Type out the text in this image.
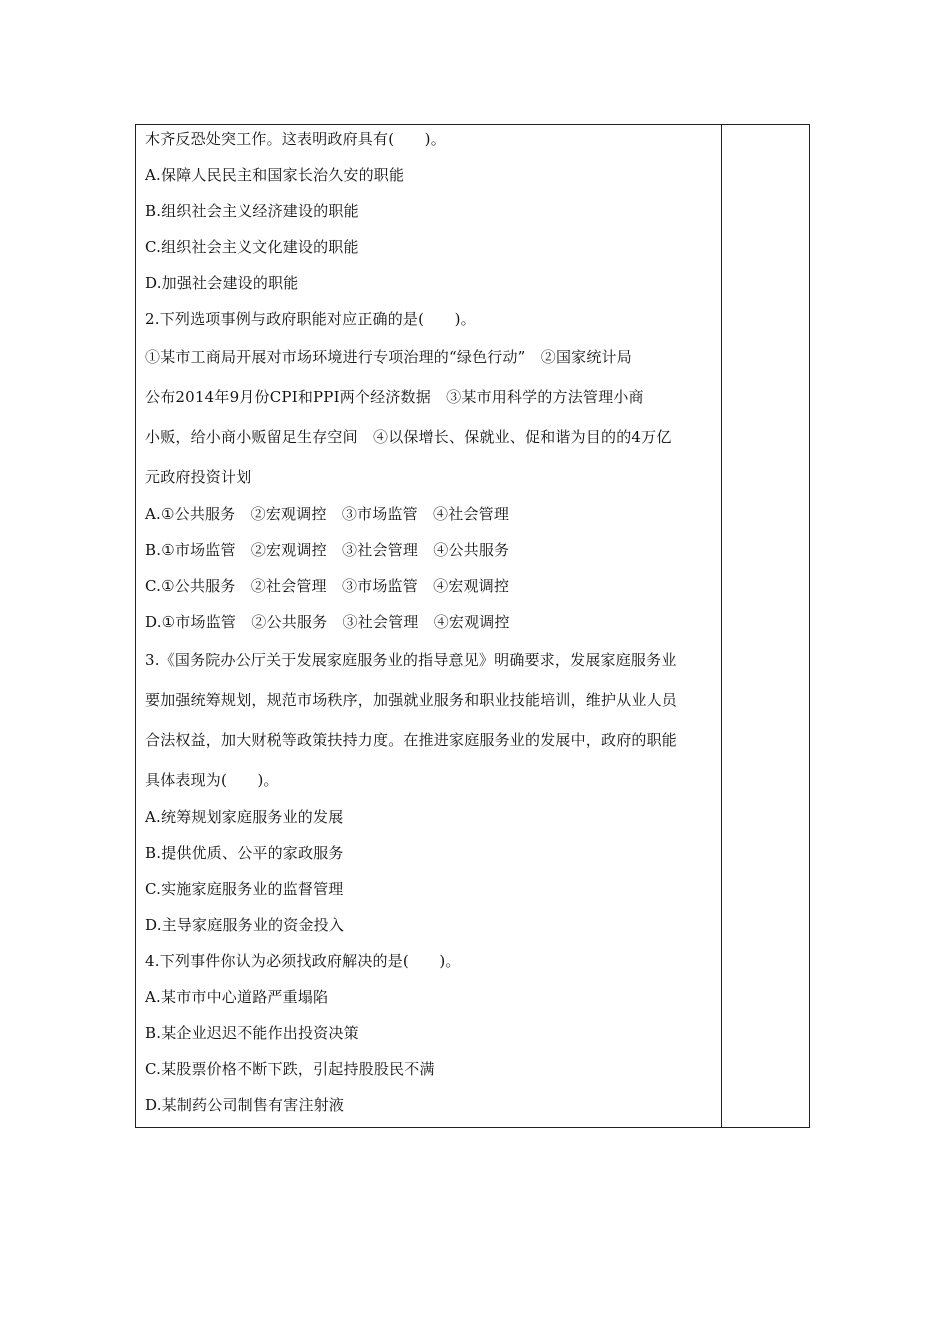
木齐反恐处突工作。这表明政府具有(　　)。
A.保障人民民主和国家长治久安的职能
B.组织社会主义经济建设的职能
C.组织社会主义文化建设的职能
D.加强社会建设的职能
2.下列选项事例与政府职能对应正确的是(　　)。
①某市工商局开展对市场环境进行专项治理的“绿色行动”　②国家统计局
公布2014年9月份CPI和PPI两个经济数据　③某市用科学的方法管理小商
小贩，给小商小贩留足生存空间　④以保增长、保就业、促和谐为目的的4万亿
元政府投资计划
A.①公共服务　②宏观调控　③市场监管　④社会管理
B.①市场监管　②宏观调控　③社会管理　④公共服务
C.①公共服务　②社会管理　③市场监管　④宏观调控
D.①市场监管　②公共服务　③社会管理　④宏观调控
3.《国务院办公厅关于发展家庭服务业的指导意见》明确要求，发展家庭服务业
要加强统筹规划，规范市场秩序，加强就业服务和职业技能培训，维护从业人员
合法权益，加大财税等政策扶持力度。在推进家庭服务业的发展中，政府的职能
具体表现为(　　)。
A.统筹规划家庭服务业的发展
B.提供优质、公平的家政服务
C.实施家庭服务业的监督管理
D.主导家庭服务业的资金投入
4.下列事件你认为必须找政府解决的是(　　)。
A.某市市中心道路严重塌陷
B.某企业迟迟不能作出投资决策
C.某股票价格不断下跌，引起持股股民不满
D.某制药公司制售有害注射液
